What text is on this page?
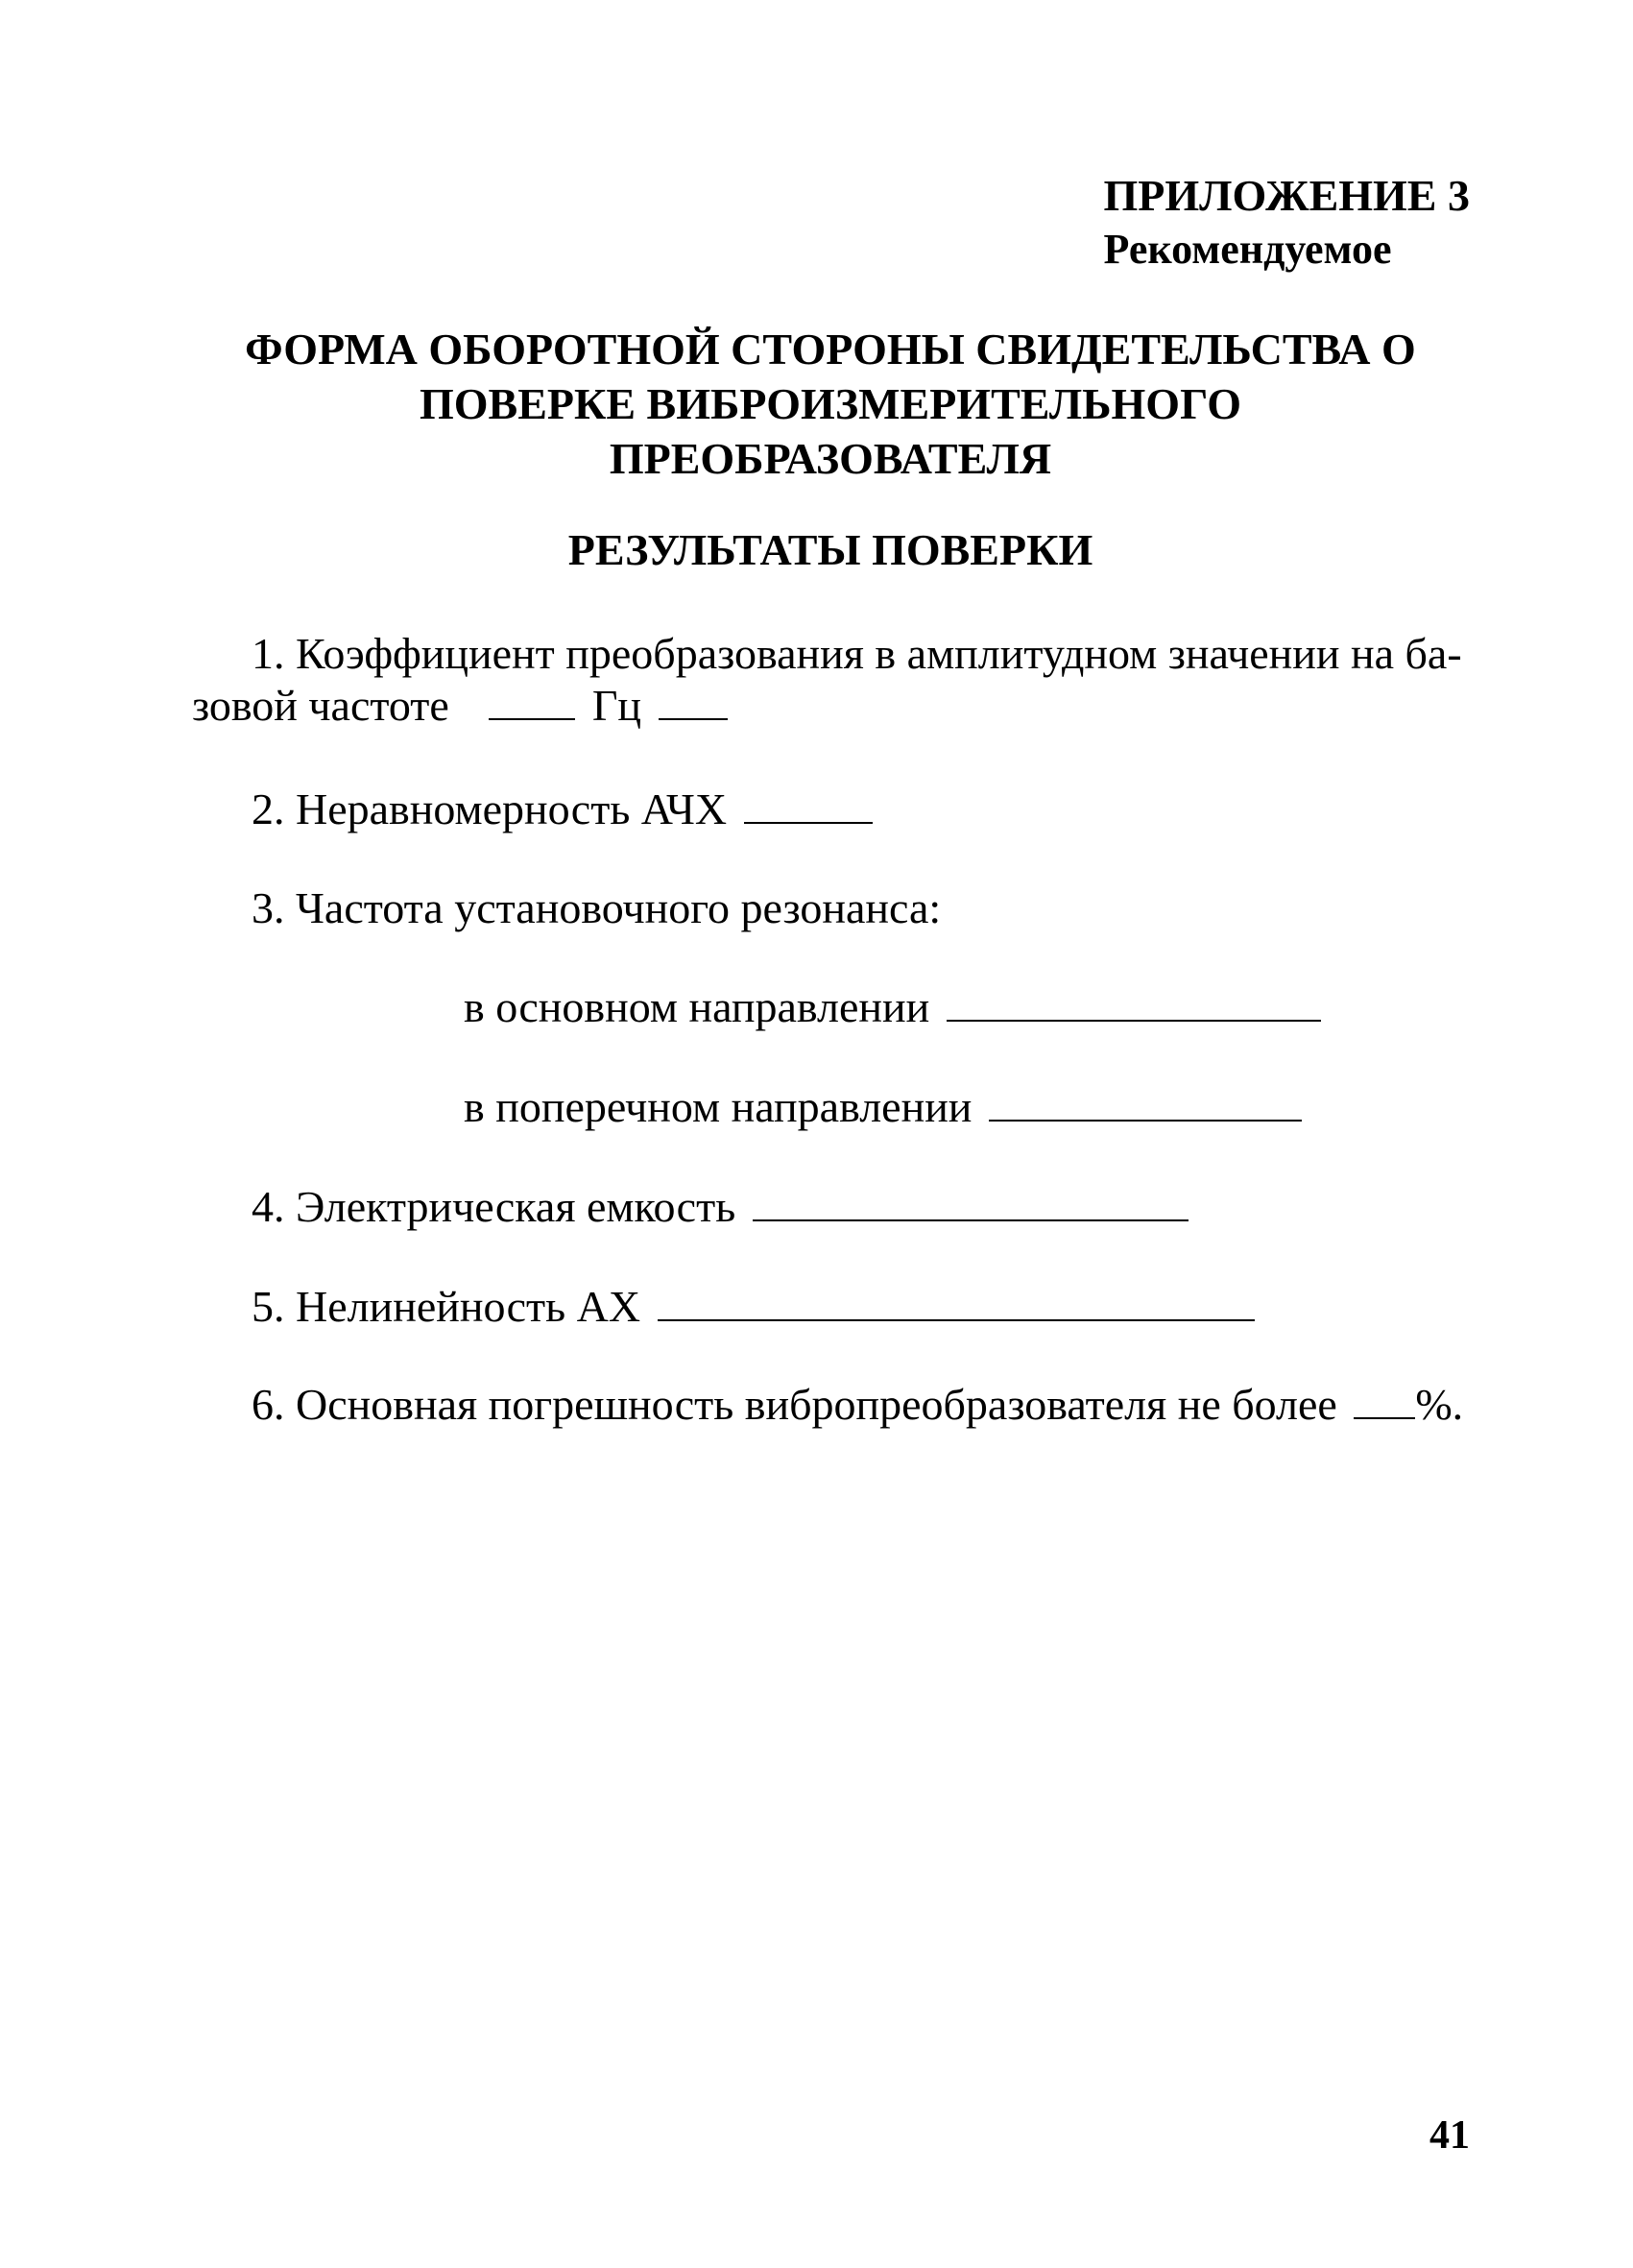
ПРИЛОЖЕНИЕ 3
Рекомендуемое
ФОРМА ОБОРОТНОЙ СТОРОНЫ СВИДЕТЕЛЬСТВА О
ПОВЕРКЕ ВИБРОИЗМЕРИТЕЛЬНОГО
ПРЕОБРАЗОВАТЕЛЯ
РЕЗУЛЬТАТЫ ПОВЕРКИ
1. Коэффициент преобразования в амплитудном значении на ба-
зовой частоте	Гц
2. Неравномерность АЧХ
3. Частота установочного резонанса:
в основном направлении
в поперечном направлении
4. Электрическая емкость
5. Нелинейность АХ
6. Основная погрешность вибропреобразователя не более %.
41
